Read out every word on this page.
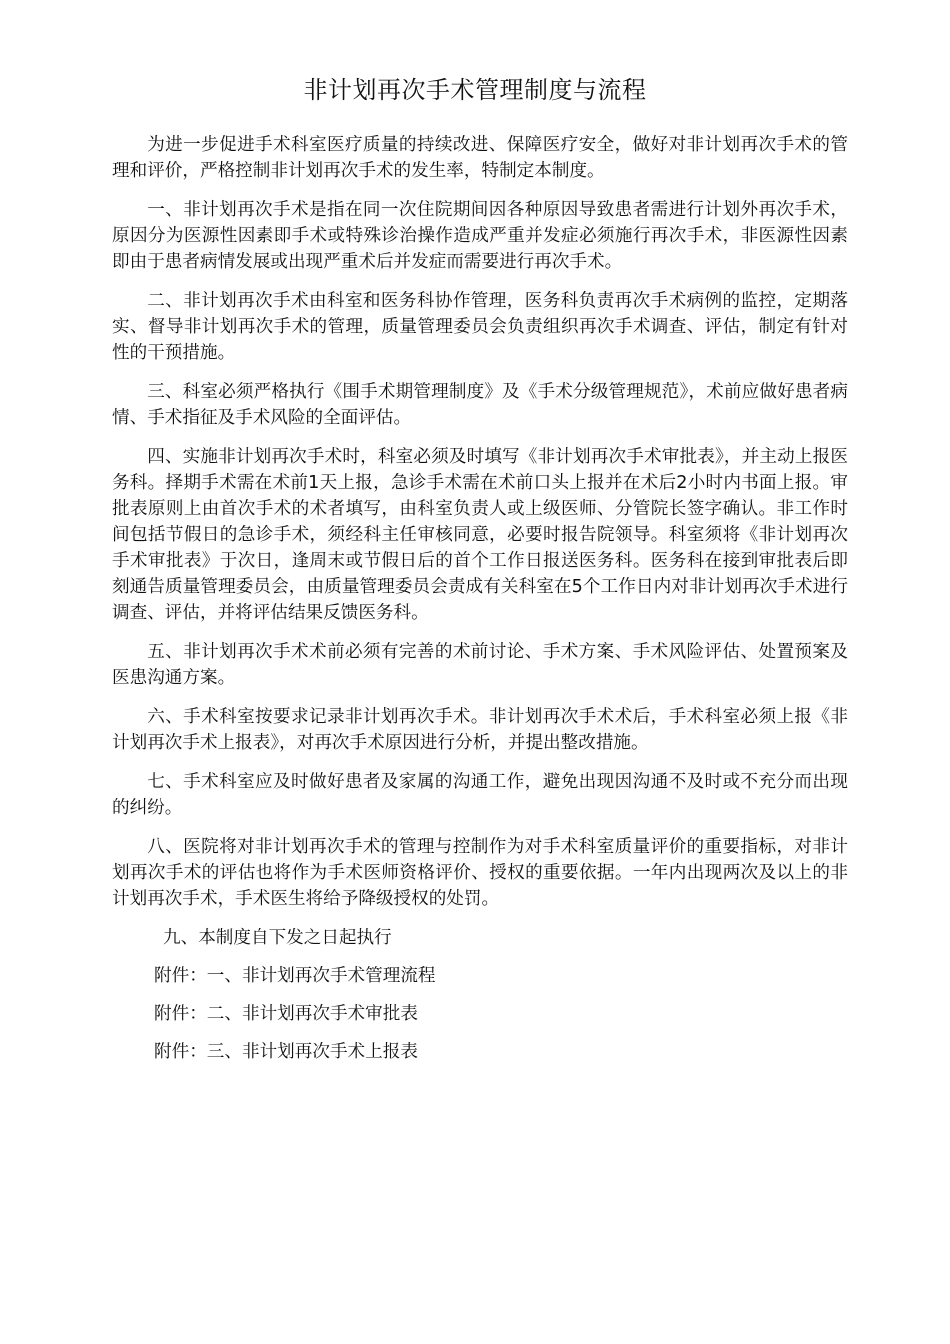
非计划再次手术管理制度与流程

为进一步促进手术科室医疗质量的持续改进、保障医疗安全，做好对非计划再次手术的管理和评价，严格控制非计划再次手术的发生率，特制定本制度。

一、非计划再次手术是指在同一次住院期间因各种原因导致患者需进行计划外再次手术，原因分为医源性因素即手术或特殊诊治操作造成严重并发症必须施行再次手术，非医源性因素即由于患者病情发展或出现严重术后并发症而需要进行再次手术。

二、非计划再次手术由科室和医务科协作管理，医务科负责再次手术病例的监控，定期落实、督导非计划再次手术的管理，质量管理委员会负责组织再次手术调查、评估，制定有针对性的干预措施。

三、科室必须严格执行《围手术期管理制度》及《手术分级管理规范》，术前应做好患者病情、手术指征及手术风险的全面评估。

四、实施非计划再次手术时，科室必须及时填写《非计划再次手术审批表》，并主动上报医务科。择期手术需在术前1天上报，急诊手术需在术前口头上报并在术后2小时内书面上报。审批表原则上由首次手术的术者填写，由科室负责人或上级医师、分管院长签字确认。非工作时间包括节假日的急诊手术，须经科主任审核同意，必要时报告院领导。科室须将《非计划再次手术审批表》于次日，逢周末或节假日后的首个工作日报送医务科。医务科在接到审批表后即刻通告质量管理委员会，由质量管理委员会责成有关科室在5个工作日内对非计划再次手术进行调查、评估，并将评估结果反馈医务科。

五、非计划再次手术术前必须有完善的术前讨论、手术方案、手术风险评估、处置预案及医患沟通方案。

六、手术科室按要求记录非计划再次手术。非计划再次手术术后，手术科室必须上报《非计划再次手术上报表》，对再次手术原因进行分析，并提出整改措施。

七、手术科室应及时做好患者及家属的沟通工作，避免出现因沟通不及时或不充分而出现的纠纷。

八、医院将对非计划再次手术的管理与控制作为对手术科室质量评价的重要指标，对非计划再次手术的评估也将作为手术医师资格评价、授权的重要依据。一年内出现两次及以上的非计划再次手术，手术医生将给予降级授权的处罚。

九、本制度自下发之日起执行

附件：一、非计划再次手术管理流程

附件：二、非计划再次手术审批表

附件：三、非计划再次手术上报表
